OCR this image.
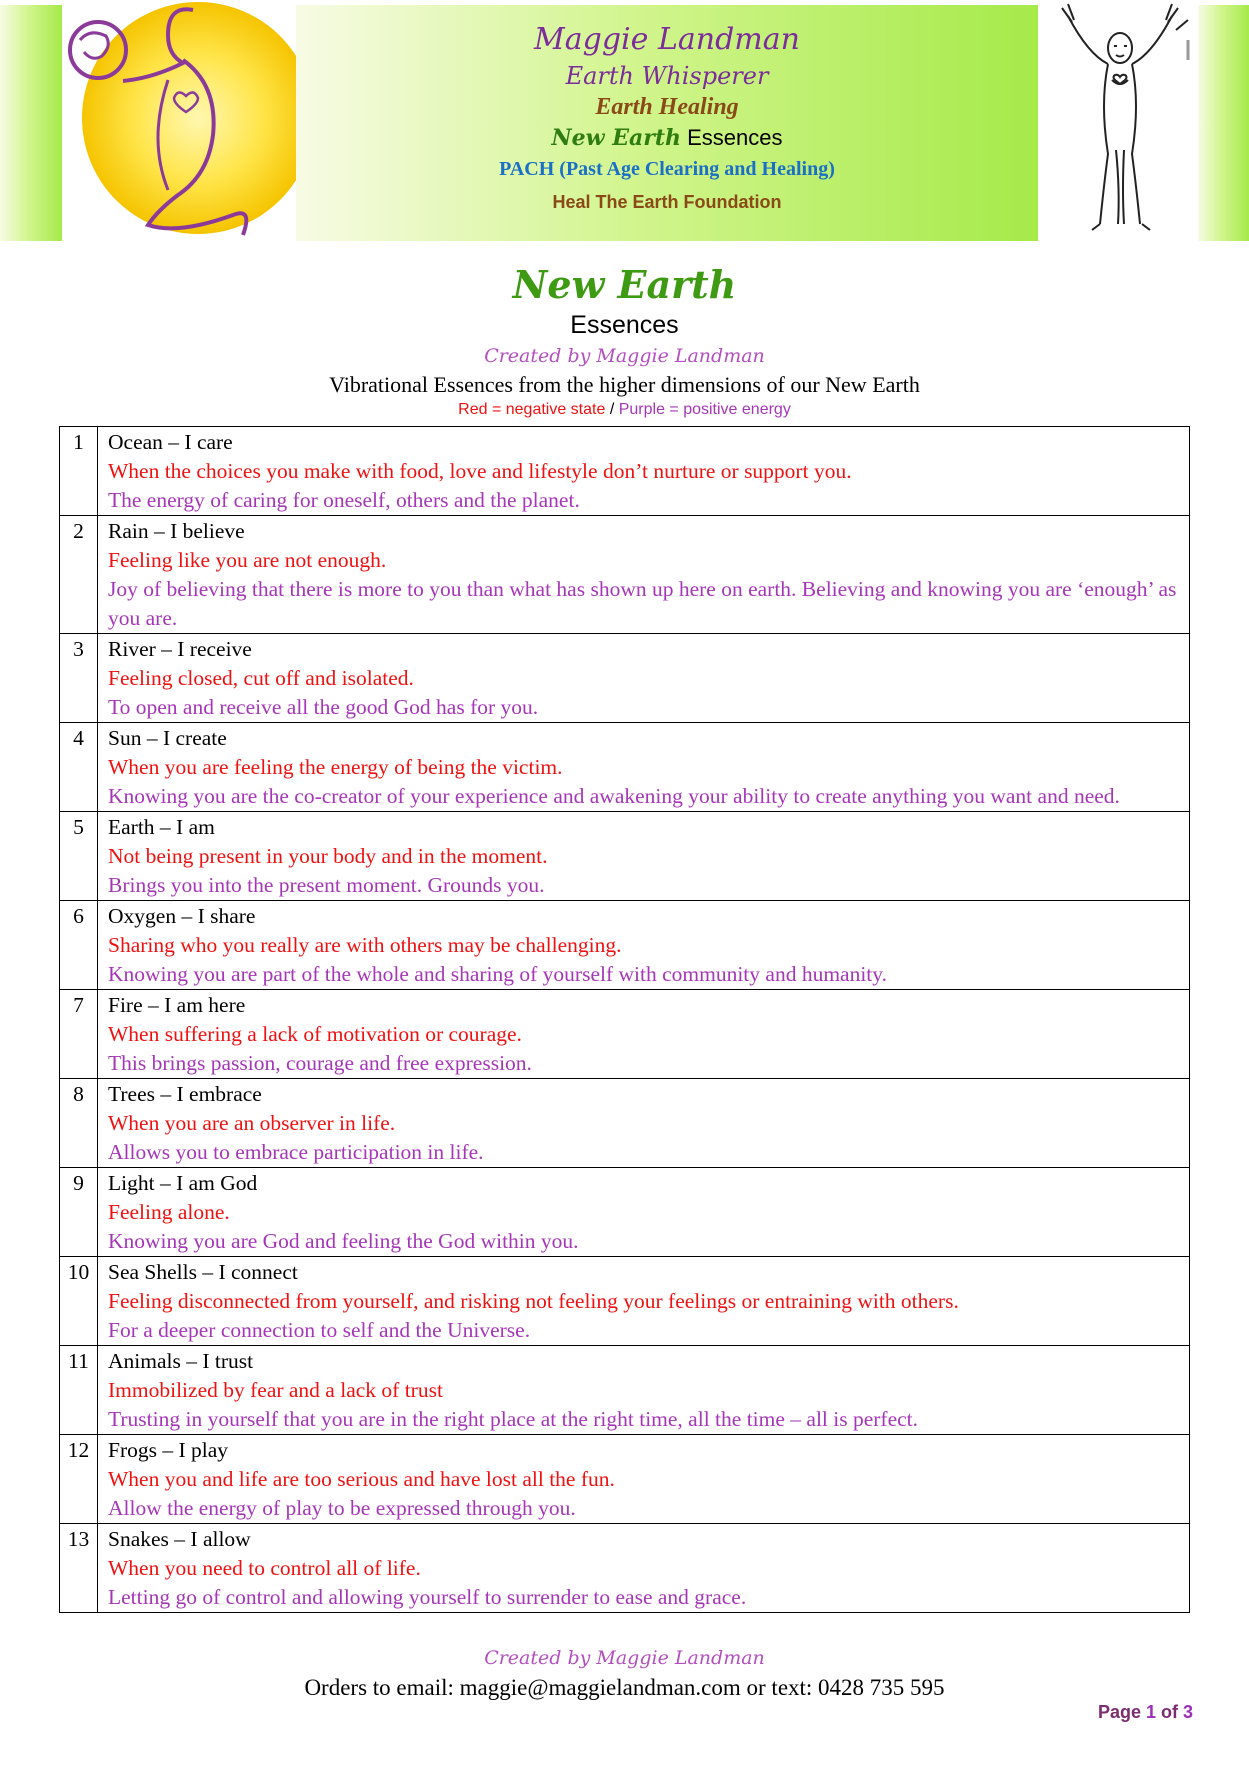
Maggie Landman
Earth Whisperer
Earth Healing
New Earth Essences
PACH (Past Age Clearing and Healing)
Heal The Earth Foundation
New Earth
Essences
Created by Maggie Landman
Vibrational Essences from the higher dimensions of our New Earth
Red = negative state / Purple = positive energy
1	Ocean – I care
When the choices you make with food, love and lifestyle don’t nurture or support you.
The energy of caring for oneself, others and the planet.

2	Rain – I believe
Feeling like you are not enough.
Joy of believing that there is more to you than what has shown up here on earth. Believing and knowing you are ‘enough’ as you are.

3	River – I receive
Feeling closed, cut off and isolated.
To open and receive all the good God has for you.

4	Sun – I create
When you are feeling the energy of being the victim.
Knowing you are the co-creator of your experience and awakening your ability to create anything you want and need.

5	Earth – I am
Not being present in your body and in the moment.
Brings you into the present moment. Grounds you.

6	Oxygen – I share
Sharing who you really are with others may be challenging.
Knowing you are part of the whole and sharing of yourself with community and humanity.

7	Fire – I am here
When suffering a lack of motivation or courage.
This brings passion, courage and free expression.

8	Trees – I embrace
When you are an observer in life.
Allows you to embrace participation in life.

9	Light – I am God
Feeling alone.
Knowing you are God and feeling the God within you.

10	Sea Shells – I connect
Feeling disconnected from yourself, and risking not feeling your feelings or entraining with others.
For a deeper connection to self and the Universe.

11	Animals – I trust
Immobilized by fear and a lack of trust
Trusting in yourself that you are in the right place at the right time, all the time – all is perfect.

12	Frogs – I play
When you and life are too serious and have lost all the fun.
Allow the energy of play to be expressed through you.

13	Snakes – I allow
When you need to control all of life.
Letting go of control and allowing yourself to surrender to ease and grace.
Created by Maggie Landman
Orders to email: maggie@maggielandman.com or text: 0428 735 595
Page 1 of 3
